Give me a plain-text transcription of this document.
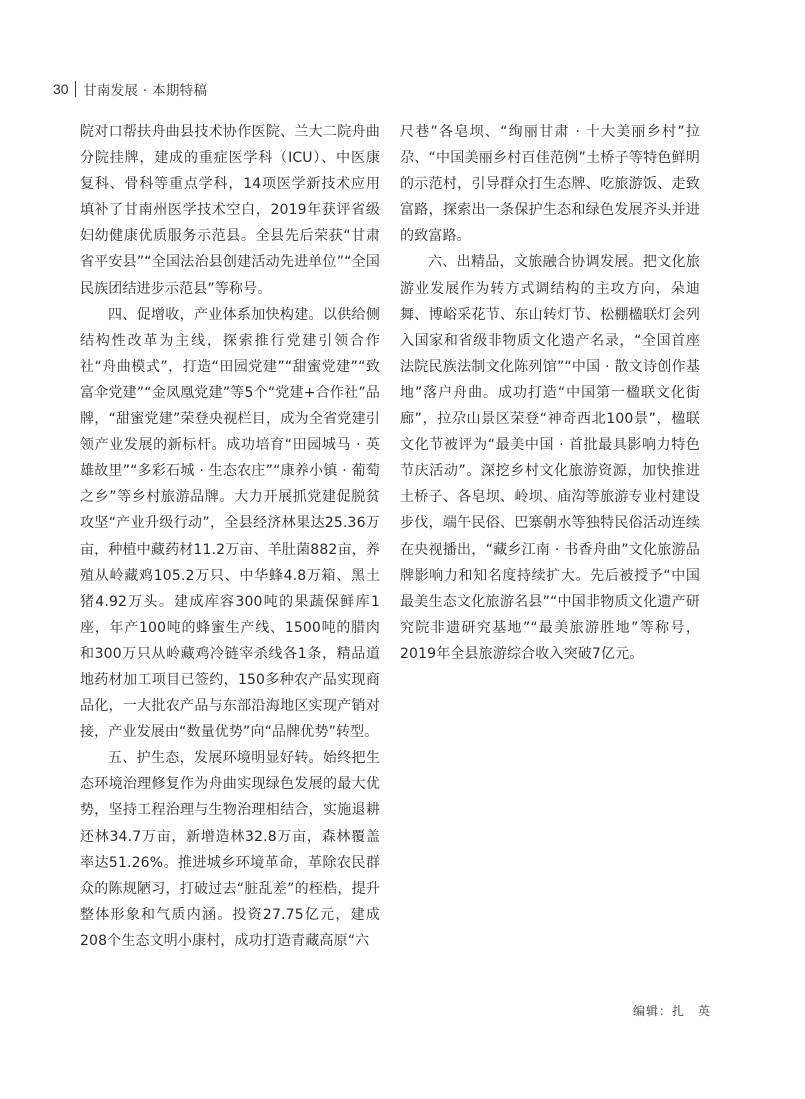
30 甘南发展 · 本期特稿

院对口帮扶舟曲县技术协作医院、兰大二院舟曲分院挂牌，建成的重症医学科（ICU）、中医康复科、骨科等重点学科，14项医学新技术应用填补了甘南州医学技术空白，2019年获评省级妇幼健康优质服务示范县。全县先后荣获“甘肃省平安县”“全国法治县创建活动先进单位”“全国民族团结进步示范县”等称号。

四、促增收，产业体系加快构建。以供给侧结构性改革为主线，探索推行党建引领合作社“舟曲模式”，打造“田园党建”“甜蜜党建”“致富伞党建”“金凤凰党建”等5个“党建+合作社”品牌，“甜蜜党建”荣登央视栏目，成为全省党建引领产业发展的新标杆。成功培育“田园城马 · 英雄故里”“多彩石城 · 生态农庄”“康养小镇 · 葡萄之乡”等乡村旅游品牌。大力开展抓党建促脱贫攻坚“产业升级行动”，全县经济林果达25.36万亩，种植中藏药材11.2万亩、羊肚菌882亩，养殖从岭藏鸡105.2万只、中华蜂4.8万箱、黑土猪4.92万头。建成库容300吨的果蔬保鲜库1座，年产100吨的蜂蜜生产线、1500吨的腊肉和300万只从岭藏鸡冷链宰杀线各1条，精品道地药材加工项目已签约，150多种农产品实现商品化，一大批农产品与东部沿海地区实现产销对接，产业发展由“数量优势”向“品牌优势”转型。

五、护生态，发展环境明显好转。始终把生态环境治理修复作为舟曲实现绿色发展的最大优势，坚持工程治理与生物治理相结合，实施退耕还林34.7万亩，新增造林32.8万亩，森林覆盖率达51.26%。推进城乡环境革命，革除农民群众的陈规陋习，打破过去“脏乱差”的桎梏，提升整体形象和气质内涵。投资27.75亿元，建成208个生态文明小康村，成功打造青藏高原“六

尺巷”各皂坝、“绚丽甘肃 · 十大美丽乡村”拉尕、“中国美丽乡村百佳范例”土桥子等特色鲜明的示范村，引导群众打生态牌、吃旅游饭、走致富路，探索出一条保护生态和绿色发展齐头并进的致富路。

六、出精品，文旅融合协调发展。把文化旅游业发展作为转方式调结构的主攻方向，朵迪舞、博峪采花节、东山转灯节、松棚楹联灯会列入国家和省级非物质文化遗产名录，“全国首座法院民族法制文化陈列馆”“中国 · 散文诗创作基地”落户舟曲。成功打造“中国第一楹联文化街廊”，拉尕山景区荣登“神奇西北100景”，楹联文化节被评为“最美中国 · 首批最具影响力特色节庆活动”。深挖乡村文化旅游资源，加快推进土桥子、各皂坝、岭坝、庙沟等旅游专业村建设步伐，端午民俗、巴寨朝水等独特民俗活动连续在央视播出，“藏乡江南 · 书香舟曲”文化旅游品牌影响力和知名度持续扩大。先后被授予“中国最美生态文化旅游名县”“中国非物质文化遗产研究院非遗研究基地”“最美旅游胜地”等称号，2019年全县旅游综合收入突破7亿元。

编辑：扎　英
